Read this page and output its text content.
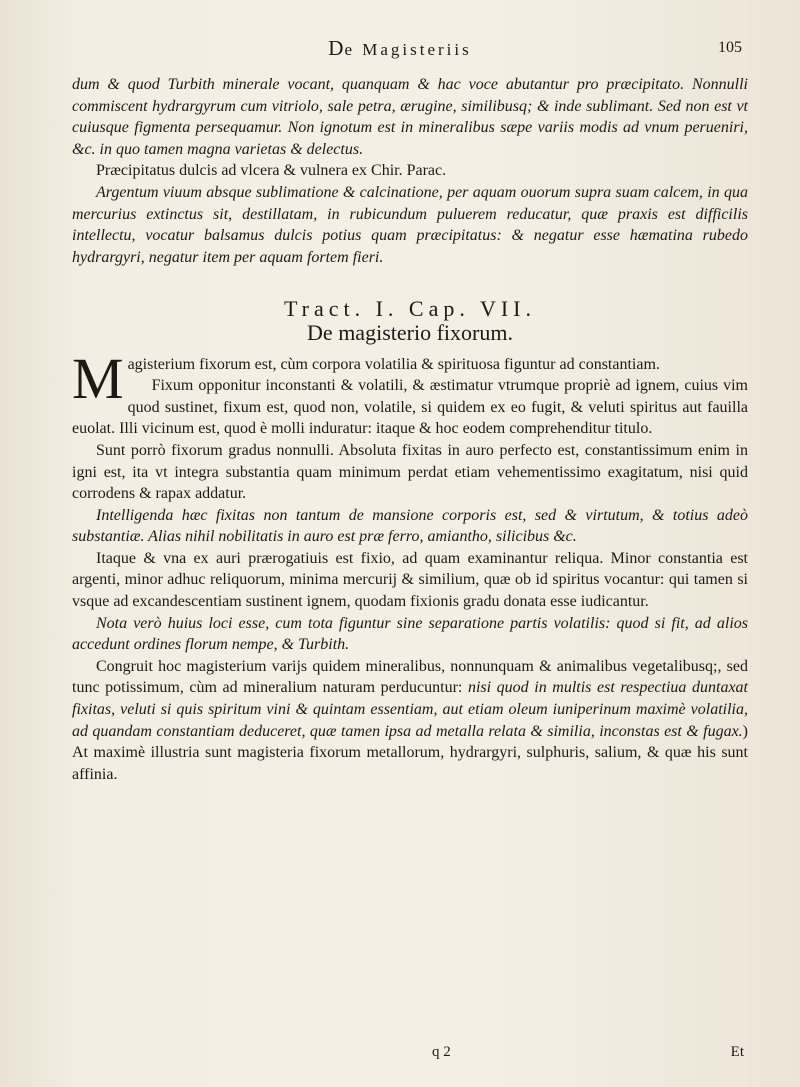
De Magisteriis	105

dum & quod Turbith minerale vocant, quanquam & hac voce abutantur pro præcipitato. Nonnulli commiscent hydrargyrum cum vitriolo, sale petra, ærugine, similibusq; & inde sublimant. Sed non est vt cuiusque figmenta persequamur. Non ignotum est in mineralibus sæpe variis modis ad vnum perueniri, &c. in quo tamen magna varietas & delectus.

Præcipitatus dulcis ad vlcera & vulnera ex Chir. Parac.

Argentum viuum absque sublimatione & calcinatione, per aquam ouorum supra suam calcem, in qua mercurius extinctus sit, destillatam, in rubicundum puluerem reducatur, quæ praxis est difficilis intellectu, vocatur balsamus dulcis potius quam præcipitatus: & negatur esse hæmatina rubedo hydrargyri, negatur item per aquam fortem fieri.

Tract. I. Cap. VII.
De magisterio fixorum.

Magisterium fixorum est, cùm corpora volatilia & spirituosa figuntur ad constantiam.

Fixum opponitur inconstanti & volatili, & æstimatur vtrumque propriè ad ignem, cuius vim quod sustinet, fixum est, quod non, volatile, si quidem ex eo fugit, & veluti spiritus aut fauilla euolat. Illi vicinum est, quod è molli induratur: itaque & hoc eodem comprehenditur titulo.

Sunt porrò fixorum gradus nonnulli. Absoluta fixitas in auro perfecto est, constantissimum enim in igni est, ita vt integra substantia quam minimum perdat etiam vehementissimo exagitatum, nisi quid corrodens & rapax addatur.

Intelligenda hæc fixitas non tantum de mansione corporis est, sed & virtutum, & totius adeò substantiæ. Alias nihil nobilitatis in auro est præ ferro, amiantho, silicibus &c.

Itaque & vna ex auri prærogatiuis est fixio, ad quam examinantur reliqua. Minor constantia est argenti, minor adhuc reliquorum, minima mercurij & similium, quæ ob id spiritus vocantur: qui tamen si vsque ad excandescentiam sustinent ignem, quodam fixionis gradu donata esse iudicantur.

Nota verò huius loci esse, cum tota figuntur sine separatione partis volatilis: quod si fit, ad alios accedunt ordines florum nempe, & Turbith.

Congruit hoc magisterium varijs quidem mineralibus, nonnunquam & animalibus vegetalibusq;, sed tunc potissimum, cùm ad mineralium naturam perducuntur: nisi quod in multis est respectiua duntaxat fixitas, veluti si quis spiritum vini & quintam essentiam, aut etiam oleum iuniperinum maximè volatilia, ad quandam constantiam deduceret, quæ tamen ipsa ad metalla relata & similia, inconstas est & fugax.) At maximè illustria sunt magisteria fixorum metallorum, hydrargyri, sulphuris, salium, & quæ his sunt affinia.

q 2	Et
